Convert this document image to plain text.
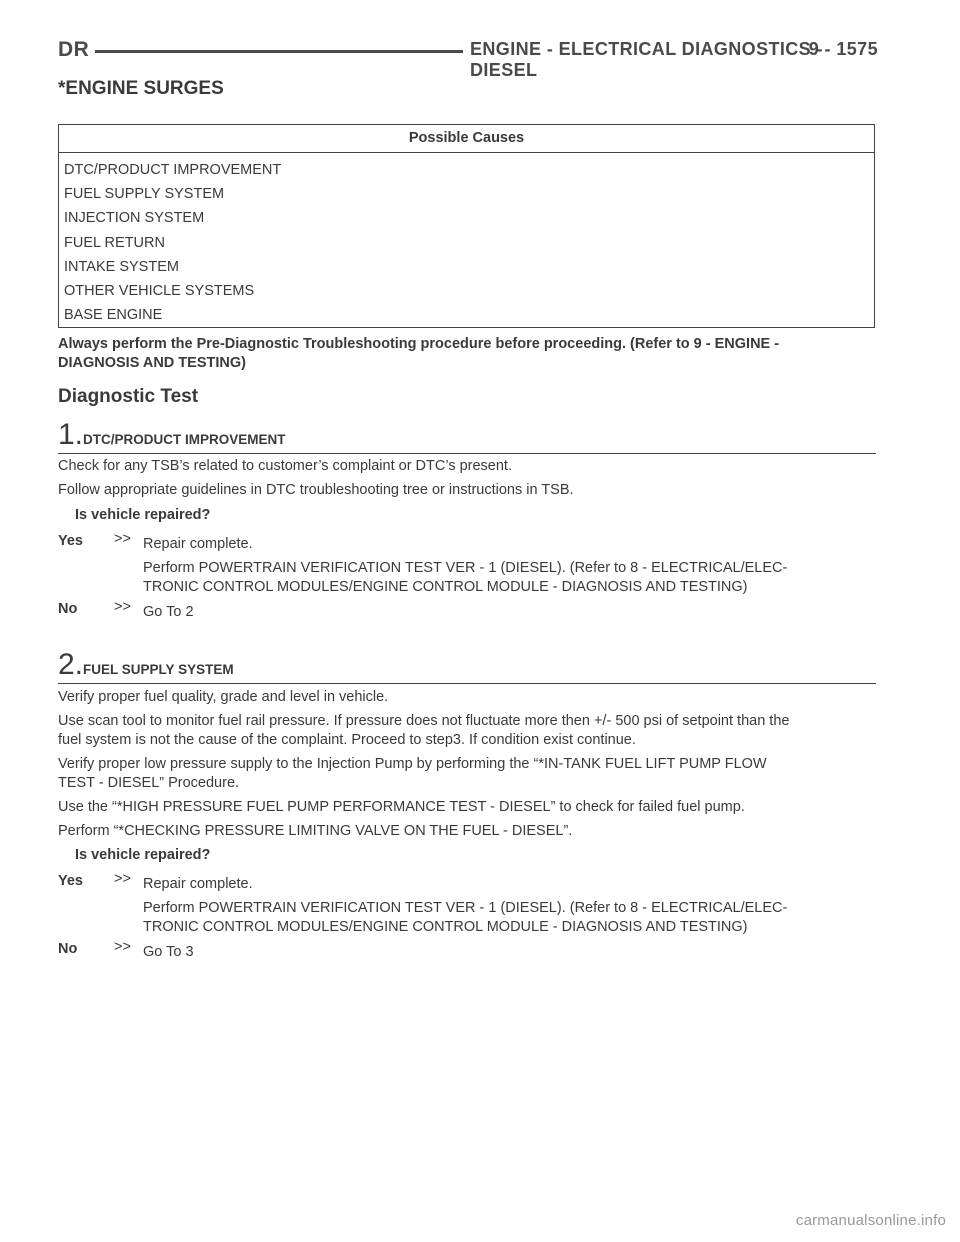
DR	ENGINE - ELECTRICAL DIAGNOSTICS - DIESEL
9 - 1575
*ENGINE SURGES
Possible Causes
DTC/PRODUCT IMPROVEMENT
FUEL SUPPLY SYSTEM
INJECTION SYSTEM
FUEL RETURN
INTAKE SYSTEM
OTHER VEHICLE SYSTEMS
BASE ENGINE
Always perform the Pre-Diagnostic Troubleshooting procedure before proceeding. (Refer to 9 - ENGINE -
DIAGNOSIS AND TESTING)
Diagnostic Test
1.DTC/PRODUCT IMPROVEMENT
Check for any TSB’s related to customer’s complaint or DTC’s present.
Follow appropriate guidelines in DTC troubleshooting tree or instructions in TSB.
Is vehicle repaired?
Yes >> Repair complete.
Perform POWERTRAIN VERIFICATION TEST VER - 1 (DIESEL). (Refer to 8 - ELECTRICAL/ELEC-
TRONIC CONTROL MODULES/ENGINE CONTROL MODULE - DIAGNOSIS AND TESTING)
No	>> Go To 2
2.FUEL SUPPLY SYSTEM
Verify proper fuel quality, grade and level in vehicle.
Use scan tool to monitor fuel rail pressure. If pressure does not fluctuate more then +/- 500 psi of setpoint than the
fuel system is not the cause of the complaint. Proceed to step3. If condition exist continue.
Verify proper low pressure supply to the Injection Pump by performing the “*IN-TANK FUEL LIFT PUMP FLOW
TEST - DIESEL” Procedure.
Use the “*HIGH PRESSURE FUEL PUMP PERFORMANCE TEST - DIESEL” to check for failed fuel pump.
Perform “*CHECKING PRESSURE LIMITING VALVE ON THE FUEL - DIESEL”.
Is vehicle repaired?
Yes >> Repair complete.
Perform POWERTRAIN VERIFICATION TEST VER - 1 (DIESEL). (Refer to 8 - ELECTRICAL/ELEC-
TRONIC CONTROL MODULES/ENGINE CONTROL MODULE - DIAGNOSIS AND TESTING)
No	>> Go To 3
carmanualsonline.info
